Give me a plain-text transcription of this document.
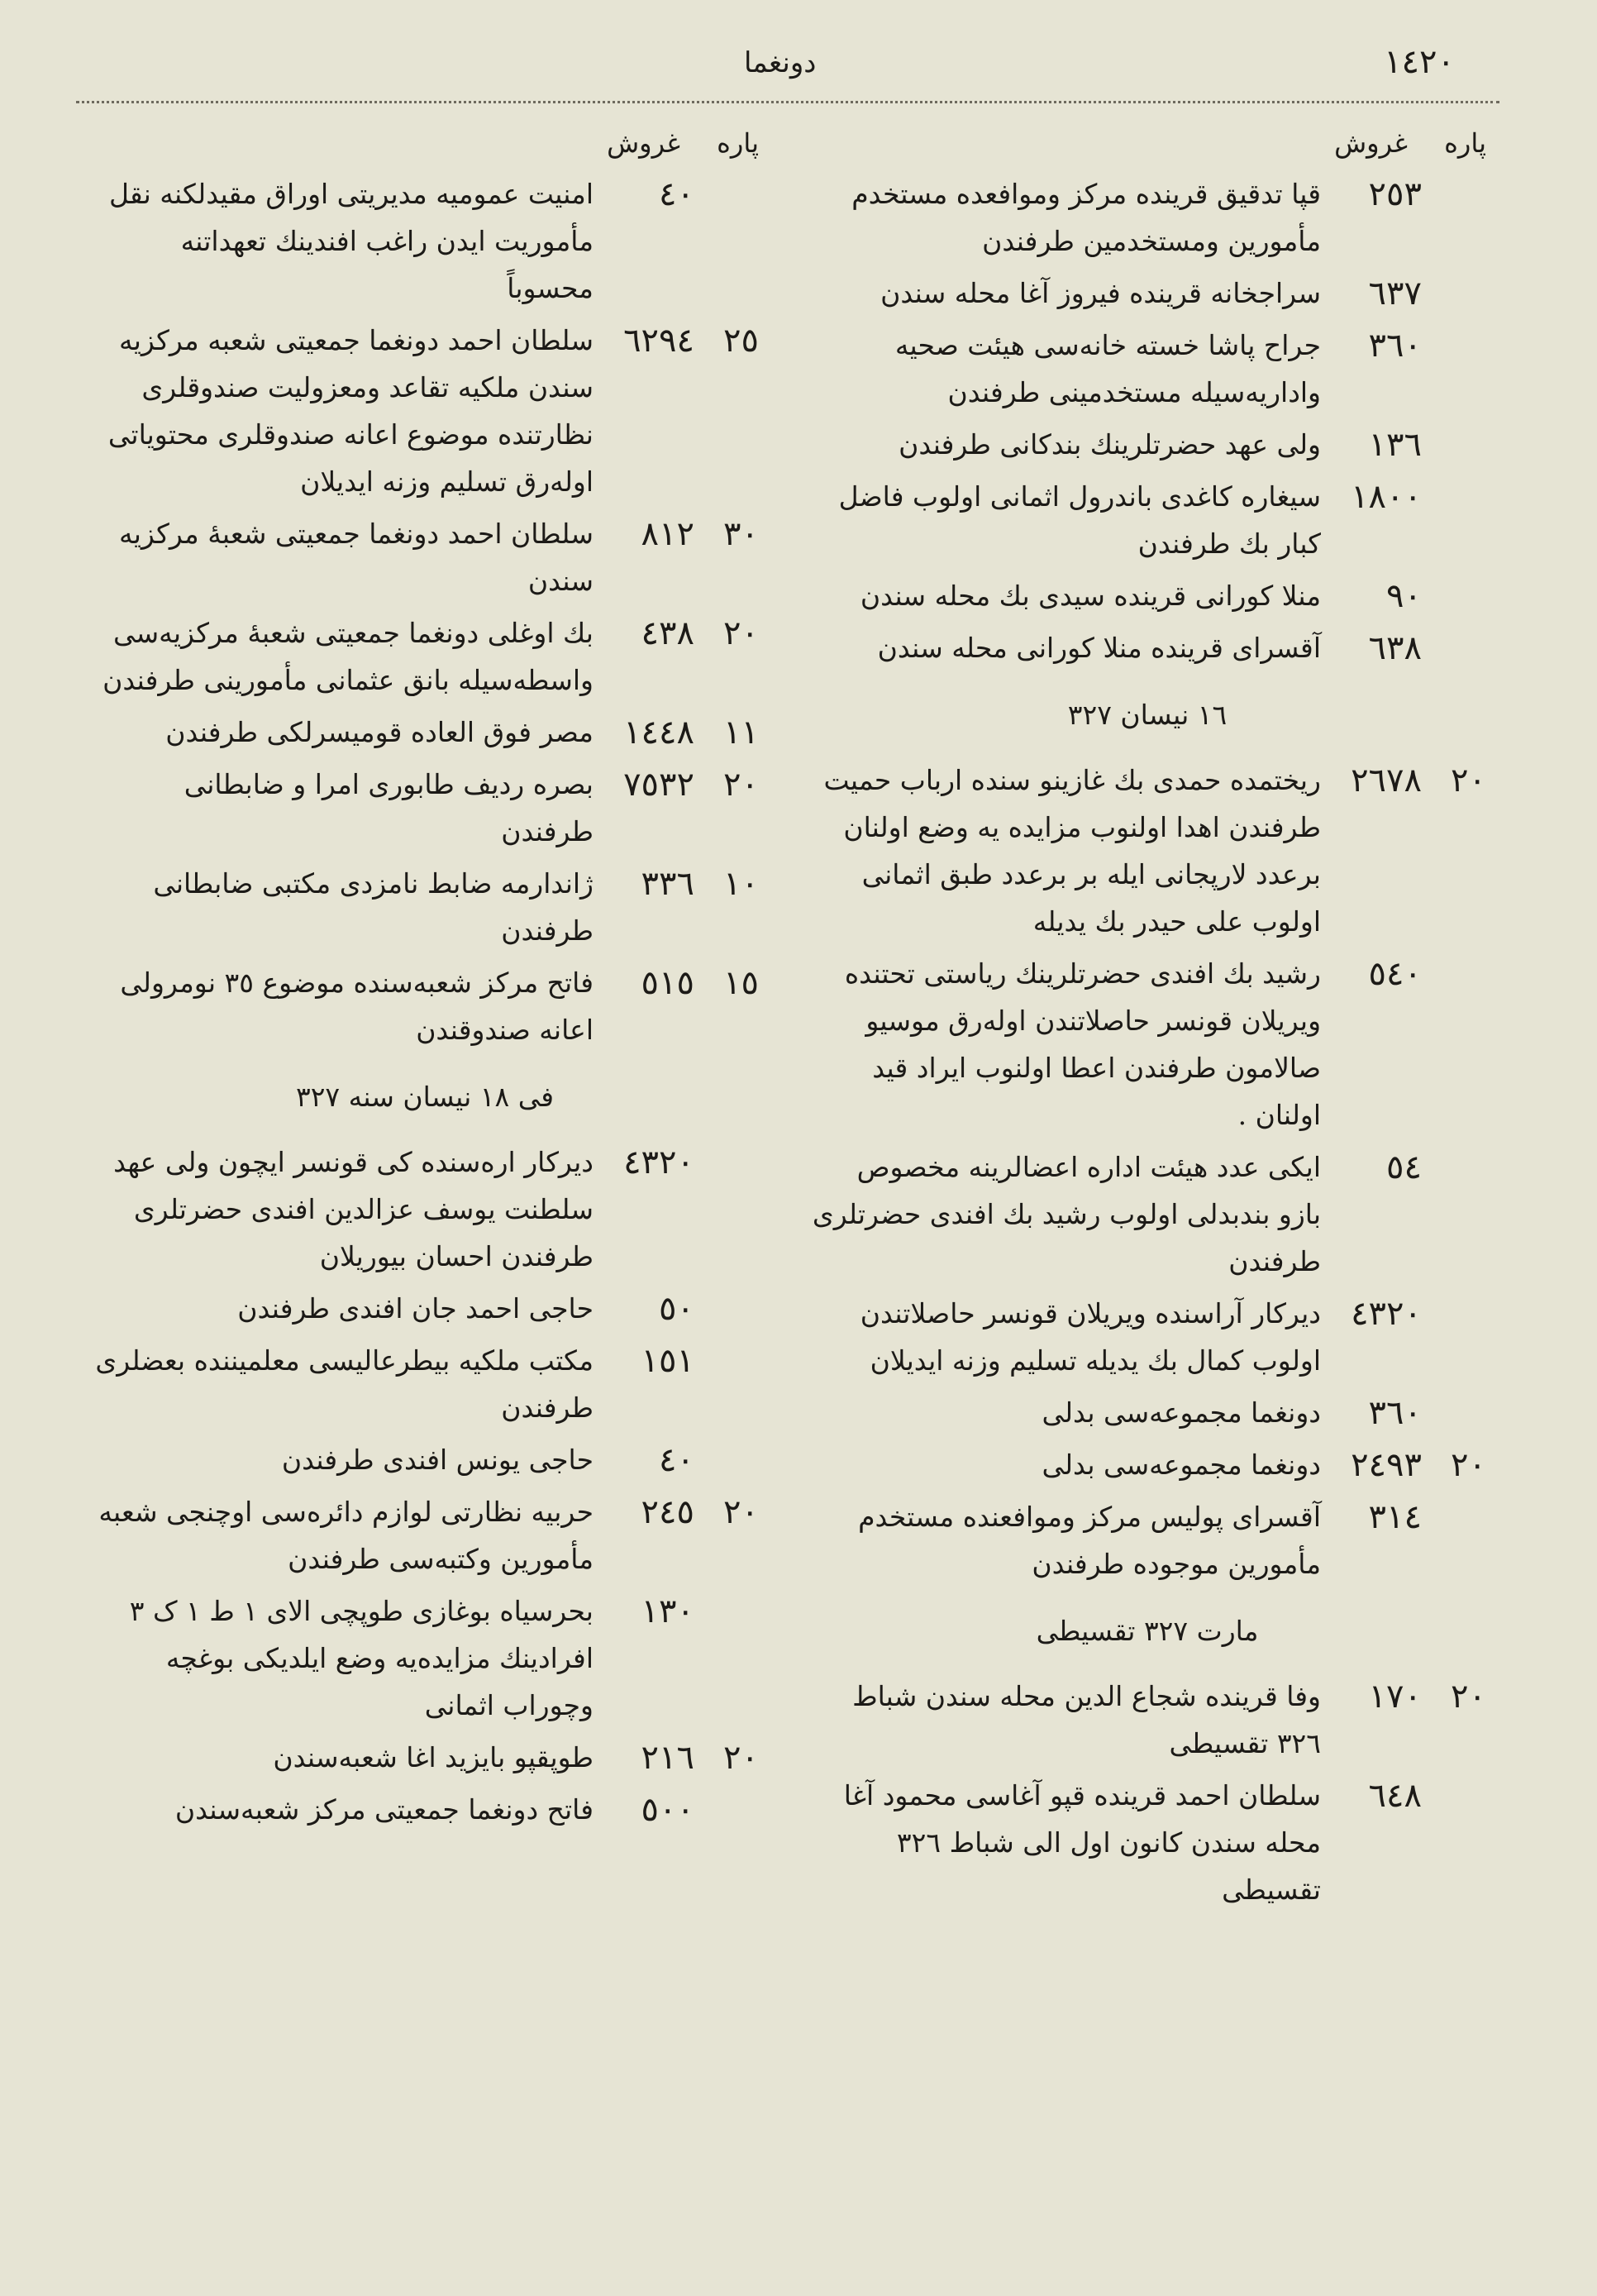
١٤٢٠
دونغما
پاره
غروش
٢٥٣
قپا تدقیق قرینده مرکز وموافعده مستخدم مأمورین ومستخدمین طرفندن
٦٣٧
سراجخانه قرینده فیروز آغا محله سندن
٣٦٠
جراح پاشا خسته خانه‌سی هیئت صحیه واداریه‌سیله مستخدمینی طرفندن
١٣٦
ولی عهد حضرتلرینك بندكانی طرفندن
١٨٠٠
سیغاره کاغدی باندرول اثمانی اولوب فاضل کبار بك طرفندن
٩٠
منلا کورانی قرینده سیدی بك محله سندن
٦٣٨
آقسرای قرینده منلا کورانی محله سندن
١٦ نیسان ٣٢٧
٢٠
٢٦٧٨
ریختمده حمدی بك غازینو سنده ارباب حمیت طرفندن اهدا اولنوب مزایده یه وضع اولنان برعدد لارپجانی ایله بر برعدد طبق اثمانی اولوب علی حیدر بك یدیله
٥٤٠
رشید بك افندی حضرتلرینك ریاستی تحتنده ویریلان قونسر حاصلاتندن اوله‌رق موسیو صالامون طرفندن اعطا اولنوب ایراد قید اولنان .
٥٤
ایکی عدد هیئت اداره اعضالرینه مخصوص بازو بندبدلی اولوب رشید بك افندی حضرتلری طرفندن
٤٣٢٠
دیرکار آراسنده ویریلان قونسر حاصلاتندن اولوب کمال بك یدیله تسلیم وزنه ایدیلان
٣٦٠
دونغما مجموعه‌سی بدلی
٢٠
٢٤٩٣
دونغما مجموعه‌سی بدلی
٣١٤
آقسرای پولیس مرکز وموافعنده مستخدم مأمورین موجوده طرفندن
مارت ٣٢٧ تقسیطی
٢٠
١٧٠
وفا قرینده شجاع الدین محله سندن شباط ٣٢٦ تقسیطی
٦٤٨
سلطان احمد قرینده قپو آغاسی محمود آغا محله سندن کانون اول الی شباط ٣٢٦ تقسیطی
پاره
غروش
٤٠
امنیت عمومیه مدیریتی اوراق مقیدلکنه نقل مأموریت ایدن راغب افندینك تعهداتنه محسوباً
٢٥
٦٢٩٤
سلطان احمد دونغما جمعیتی شعبه مرکزیه سندن ملکیه تقاعد ومعزولیت صندوقلری نظارتنده موضوع اعانه صندوقلری محتویاتی اوله‌رق تسلیم وزنه ایدیلان
٣٠
٨١٢
سلطان احمد دونغما جمعیتی شعبهٔ مرکزیه سندن
٢٠
٤٣٨
بك اوغلی دونغما جمعیتی شعبهٔ مرکزیه‌سی واسطه‌سیله بانق عثمانی مأمورینی طرفندن
١١
١٤٤٨
مصر فوق العاده قومیسرلکی طرفندن
٢٠
٧٥٣٢
بصره ردیف طابوری امرا و ضابطانی طرفندن
١٠
٣٣٦
ژاندارمه ضابط نامزدی مکتبی ضابطانی طرفندن
١٥
٥١٥
فاتح مرکز شعبه‌سنده موضوع ٣٥ نومرولی اعانه صندوقندن
فی ١٨ نیسان سنه ٣٢٧
٤٣٢٠
دیرکار اره‌سنده کی قونسر ایچون ولی عهد سلطنت یوسف عزالدین افندی حضرتلری طرفندن احسان بیوریلان
٥٠
حاجی احمد جان افندی طرفندن
١٥١
مکتب ملکیه بیطرعالیسی معلمیننده بعضلری طرفندن
٤٠
حاجی یونس افندی طرفندن
٢٠
٢٤٥
حربیه نظارتی لوازم دائره‌سی اوچنجی شعبه مأمورین وکتبه‌سی طرفندن
١٣٠
بحرسیاه بوغازی طوپچی الای ١ ط ١ ک ٣ افرادینك مزایده‌یه وضع ایلدیکی بوغچه وچوراب اثمانی
٢٠
٢١٦
طوپقپو بایزید اغا شعبه‌سندن
٥٠٠
فاتح دونغما جمعیتی مرکز شعبه‌سندن
